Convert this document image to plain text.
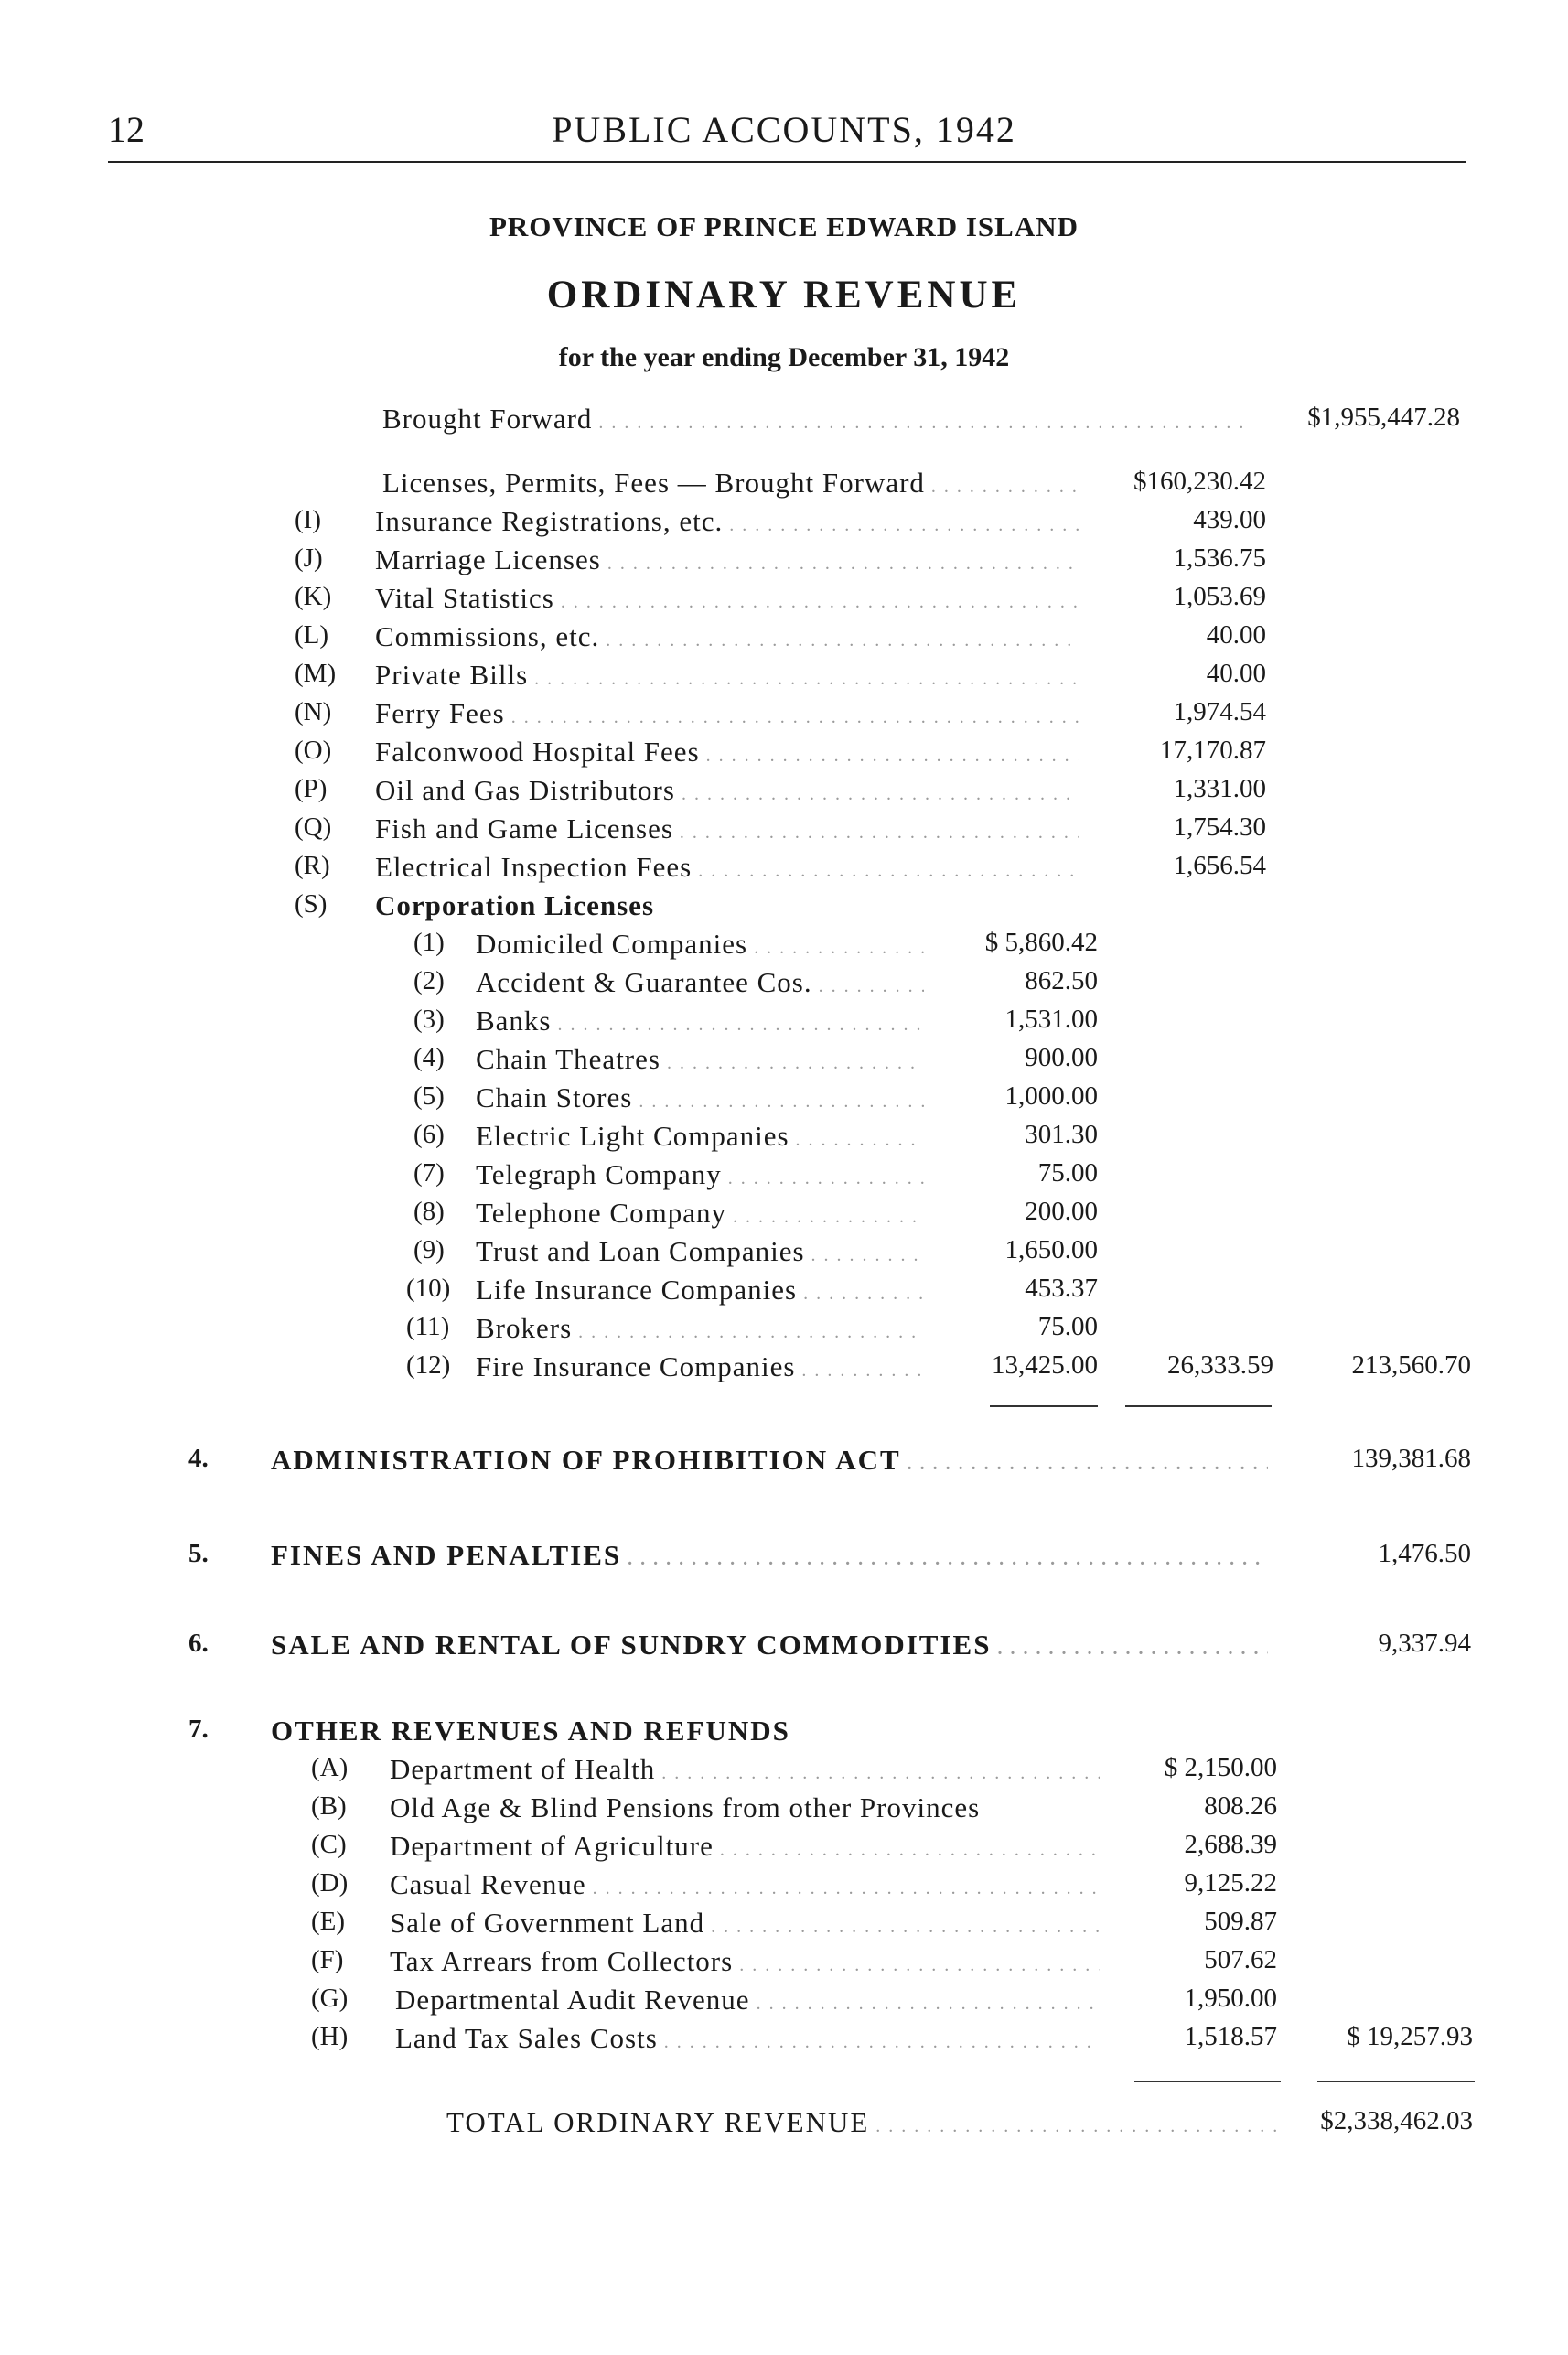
12	PUBLIC ACCOUNTS, 1942
PROVINCE OF PRINCE EDWARD ISLAND
ORDINARY REVENUE
for the year ending December 31, 1942
Brought Forward . . .	$1,955,447.28
Licenses, Permits, Fees — Brought Forward . . .	$160,230.42
(I) Insurance Registrations, etc. . . .	439.00
(J) Marriage Licenses . . .	1,536.75
(K) Vital Statistics . . .	1,053.69
(L) Commissions, etc. . . .	40.00
(M) Private Bills . . .	40.00
(N) Ferry Fees . . .	1,974.54
(O) Falconwood Hospital Fees . . .	17,170.87
(P) Oil and Gas Distributors . . .	1,331.00
(Q) Fish and Game Licenses . . .	1,754.30
(R) Electrical Inspection Fees . . .	1,656.54
(S) Corporation Licenses
(1) Domiciled Companies . . .	$ 5,860.42
(2) Accident & Guarantee Cos. . . .	862.50
(3) Banks . . .	1,531.00
(4) Chain Theatres . . .	900.00
(5) Chain Stores . . .	1,000.00
(6) Electric Light Companies . . .	301.30
(7) Telegraph Company . . .	75.00
(8) Telephone Company . . .	200.00
(9) Trust and Loan Companies . . .	1,650.00
(10) Life Insurance Companies . . .	453.37
(11) Brokers . . .	75.00
(12) Fire Insurance Companies . . .	13,425.00	26,333.59	213,560.70
4. ADMINISTRATION OF PROHIBITION ACT . . .	139,381.68
5. FINES AND PENALTIES . . .	1,476.50
6. SALE AND RENTAL OF SUNDRY COMMODITIES . . .	9,337.94
7. OTHER REVENUES AND REFUNDS
(A) Department of Health . . .	$ 2,150.00
(B) Old Age & Blind Pensions from other Provinces	808.26
(C) Department of Agriculture . . .	2,688.39
(D) Casual Revenue . . .	9,125.22
(E) Sale of Government Land . . .	509.87
(F) Tax Arrears from Collectors . . .	507.62
(G) Departmental Audit Revenue . . .	1,950.00
(H) Land Tax Sales Costs . . .	1,518.57	$ 19,257.93
TOTAL ORDINARY REVENUE . . .	$2,338,462.03
